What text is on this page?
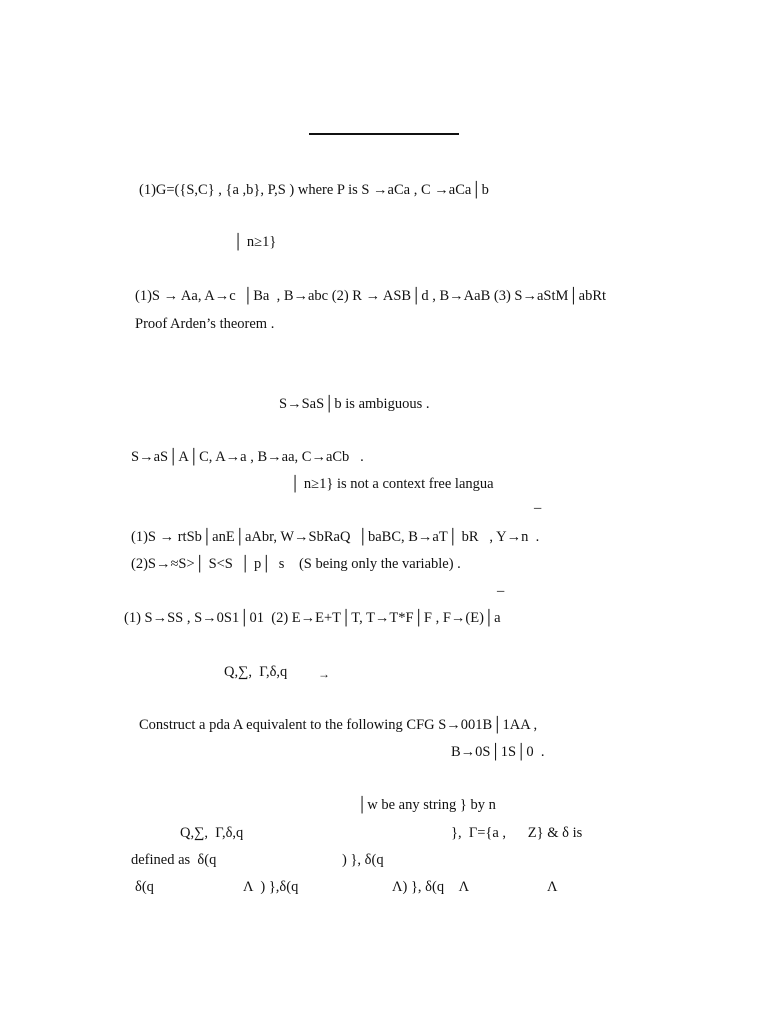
(1)G=({S,C} , {a ,b}, P,S ) where P is S →aCa , C →aCa│b
│ n≥1}
(1)S → Aa, A→c  │Ba  , B→abc (2) R → ASB│d , B→AaB (3) S→aStM│abRt
Proof Arden’s theorem .
S→SaS│b is ambiguous .
S→aS│A│C, A→a , B→aa, C→aCb   .
│ n≥1} is not a context free langua
–
(1)S → rtSb│anE│aAbr, W→SbRaQ  │baBC, B→aT│ bR   , Y→n  .
(2)S→≈S>│ S<S  │ p│  s    (S being only the variable) .
–
(1) S→SS , S→0S1│01  (2) E→E+T│T, T→T*F│F , F→(E)│a
Q,∑,  Γ,δ,q	→
Construct a pda A equivalent to the following CFG S→001B│1AA ,
B→0S│1S│0  .
│w be any string } by n
Q,∑,  Γ,δ,q	},  Γ={a ,      Z} & δ is
defined as  δ(q	) }, δ(q
δ(q	Λ  ) },δ(q	Λ) }, δ(q    Λ	Λ
